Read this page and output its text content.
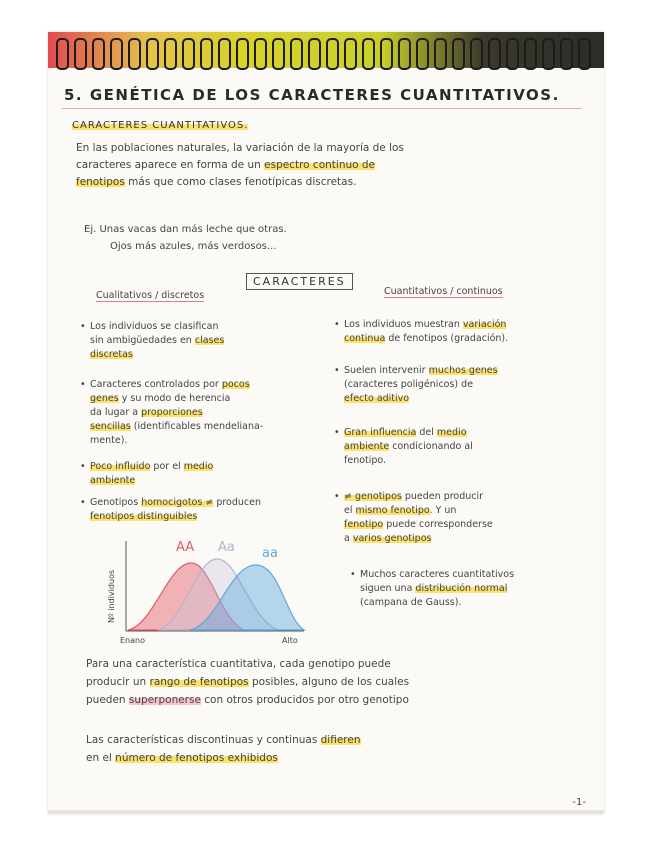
5. GENÉTICA DE LOS CARACTERES CUANTITATIVOS.
CARACTERES CUANTITATIVOS.
En las poblaciones naturales, la variación de la mayoría de los
caracteres aparece en forma de un espectro continuo de
fenotipos más que como clases fenotípicas discretas.
Ej. Unas vacas dan más leche que otras.
Ojos más azules, más verdosos...
CARACTERES
Cualitativos / discretos	Cuantitativos / continuos
• Los individuos se clasifican
sin ambigüedades en clases
discretas
• Caracteres controlados por pocos
genes y su modo de herencia
da lugar a proporciones
sencillas (identificables mendeliana-
mente).
• Poco influido por el medio
ambiente
• Genotipos homocigotos ≠ producen
fenotipos distinguibles
• Los individuos muestran variación
continua de fenotipos (gradación).
• Suelen intervenir muchos genes
(caracteres poligénicos) de
efecto aditivo
• Gran influencia del medio
ambiente condicionando al
fenotipo.
• ≠ genotipos pueden producir
el mismo fenotipo. Y un
fenotipo puede corresponderse
a varios genotipos
• Muchos caracteres cuantitativos
siguen una distribución normal
(campana de Gauss).
AA Aa aa
Nº individuos
Enano	Alto
Para una característica cuantitativa, cada genotipo puede
producir un rango de fenotipos posibles, alguno de los cuales
pueden superponerse con otros producidos por otro genotipo
Las características discontinuas y continuas difieren
en el número de fenotipos exhibidos
-1-
